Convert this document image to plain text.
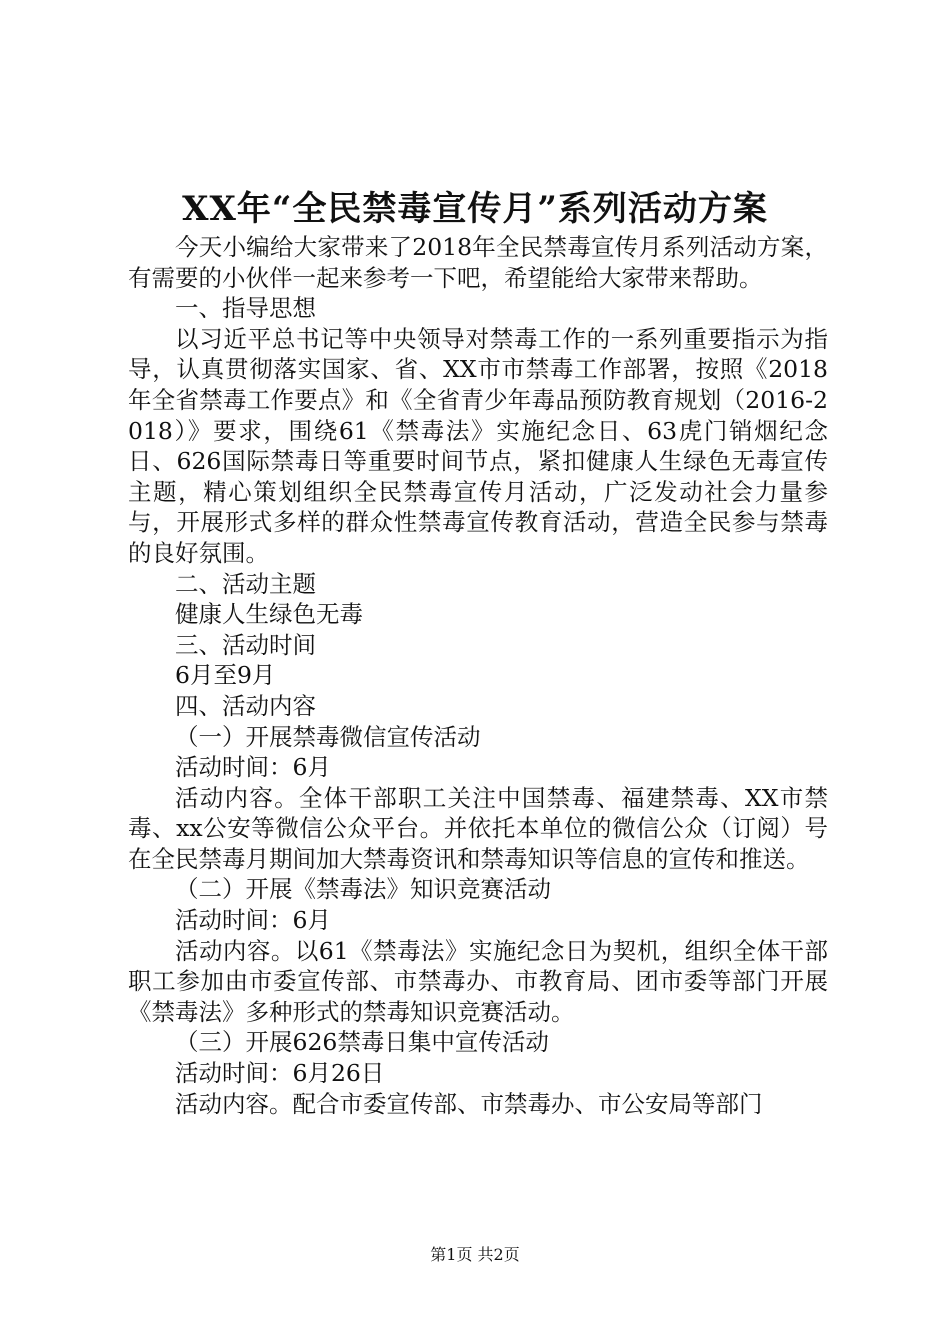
XX年“全民禁毒宣传月”系列活动方案

今天小编给大家带来了2018年全民禁毒宣传月系列活动方案，有需要的小伙伴一起来参考一下吧，希望能给大家带来帮助。

一、指导思想

以习近平总书记等中央领导对禁毒工作的一系列重要指示为指导，认真贯彻落实国家、省、XX市市禁毒工作部署，按照《2018年全省禁毒工作要点》和《全省青少年毒品预防教育规划（2016-2018）》要求，围绕61《禁毒法》实施纪念日、63虎门销烟纪念日、626国际禁毒日等重要时间节点，紧扣健康人生绿色无毒宣传主题，精心策划组织全民禁毒宣传月活动，广泛发动社会力量参与，开展形式多样的群众性禁毒宣传教育活动，营造全民参与禁毒的良好氛围。

二、活动主题

健康人生绿色无毒

三、活动时间

6月至9月

四、活动内容

（一）开展禁毒微信宣传活动

活动时间：6月

活动内容。全体干部职工关注中国禁毒、福建禁毒、XX市禁毒、xx公安等微信公众平台。并依托本单位的微信公众（订阅）号在全民禁毒月期间加大禁毒资讯和禁毒知识等信息的宣传和推送。

（二）开展《禁毒法》知识竞赛活动

活动时间：6月

活动内容。以61《禁毒法》实施纪念日为契机，组织全体干部职工参加由市委宣传部、市禁毒办、市教育局、团市委等部门开展《禁毒法》多种形式的禁毒知识竞赛活动。

（三）开展626禁毒日集中宣传活动

活动时间：6月26日

活动内容。配合市委宣传部、市禁毒办、市公安局等部门

第1页 共2页
